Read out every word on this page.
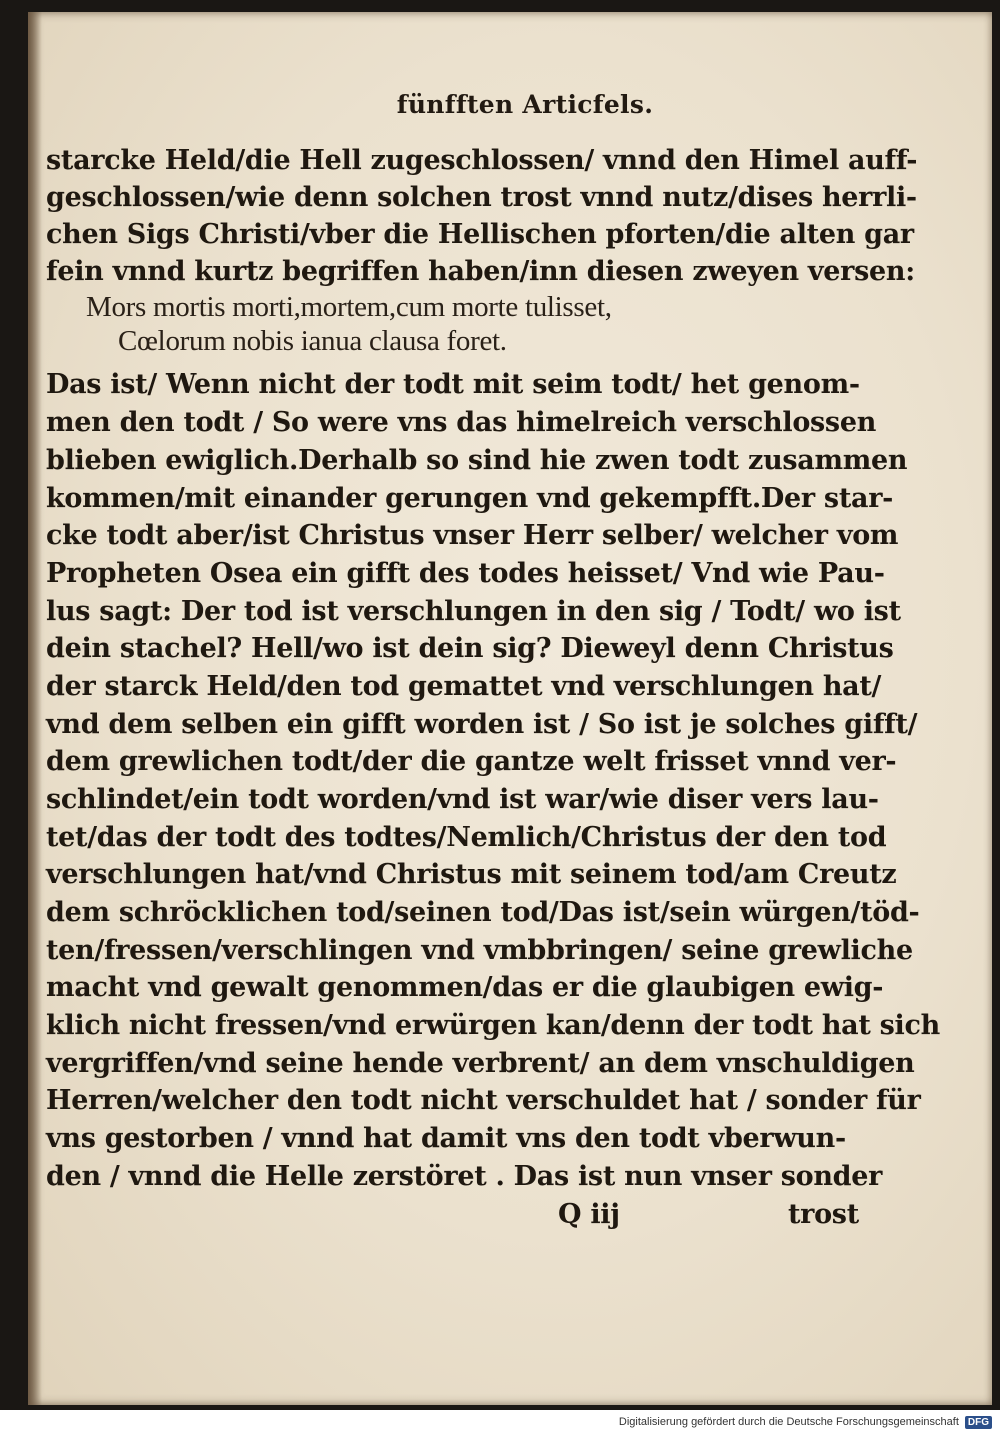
fünfften Articfels.
starcke Held/die Hell zugeschlossen/ vnnd den Himel auff-
geschlossen/wie denn solchen trost vnnd nutz/dises herrli-
chen Sigs Christi/vber die Hellischen pforten/die alten gar
fein vnnd kurtz begriffen haben/inn diesen zweyen versen:
Mors mortis morti,mortem,cum morte tulisset,
Cœlorum nobis ianua clausa foret.
Das ist/ Wenn nicht der todt mit seim todt/ het genom-
men den todt / So were vns das himelreich verschlossen
blieben ewiglich.Derhalb so sind hie zwen todt zusammen
kommen/mit einander gerungen vnd gekempfft.Der star-
cke todt aber/ist Christus vnser Herr selber/ welcher vom
Propheten Osea ein gifft des todes heisset/ Vnd wie Pau-
lus sagt: Der tod ist verschlungen in den sig / Todt/ wo ist
dein stachel? Hell/wo ist dein sig? Dieweyl denn Christus
der starck Held/den tod gemattet vnd verschlungen hat/
vnd dem selben ein gifft worden ist / So ist je solches gifft/
dem grewlichen todt/der die gantze welt frisset vnnd ver-
schlindet/ein todt worden/vnd ist war/wie diser vers lau-
tet/das der todt des todtes/Nemlich/Christus der den tod
verschlungen hat/vnd Christus mit seinem tod/am Creutz
dem schröcklichen tod/seinen tod/Das ist/sein würgen/töd-
ten/fressen/verschlingen vnd vmbbringen/ seine grewliche
macht vnd gewalt genommen/das er die glaubigen ewig-
klich nicht fressen/vnd erwürgen kan/denn der todt hat sich
vergriffen/vnd seine hende verbrent/ an dem vnschuldigen
Herren/welcher den todt nicht verschuldet hat / sonder für
vns gestorben / vnnd hat damit vns den todt vberwun-
den / vnnd die Helle zerstöret . Das ist nun vnser sonder
Q iij	trost
Digitalisierung gefördert durch die Deutsche Forschungsgemeinschaft DFG
